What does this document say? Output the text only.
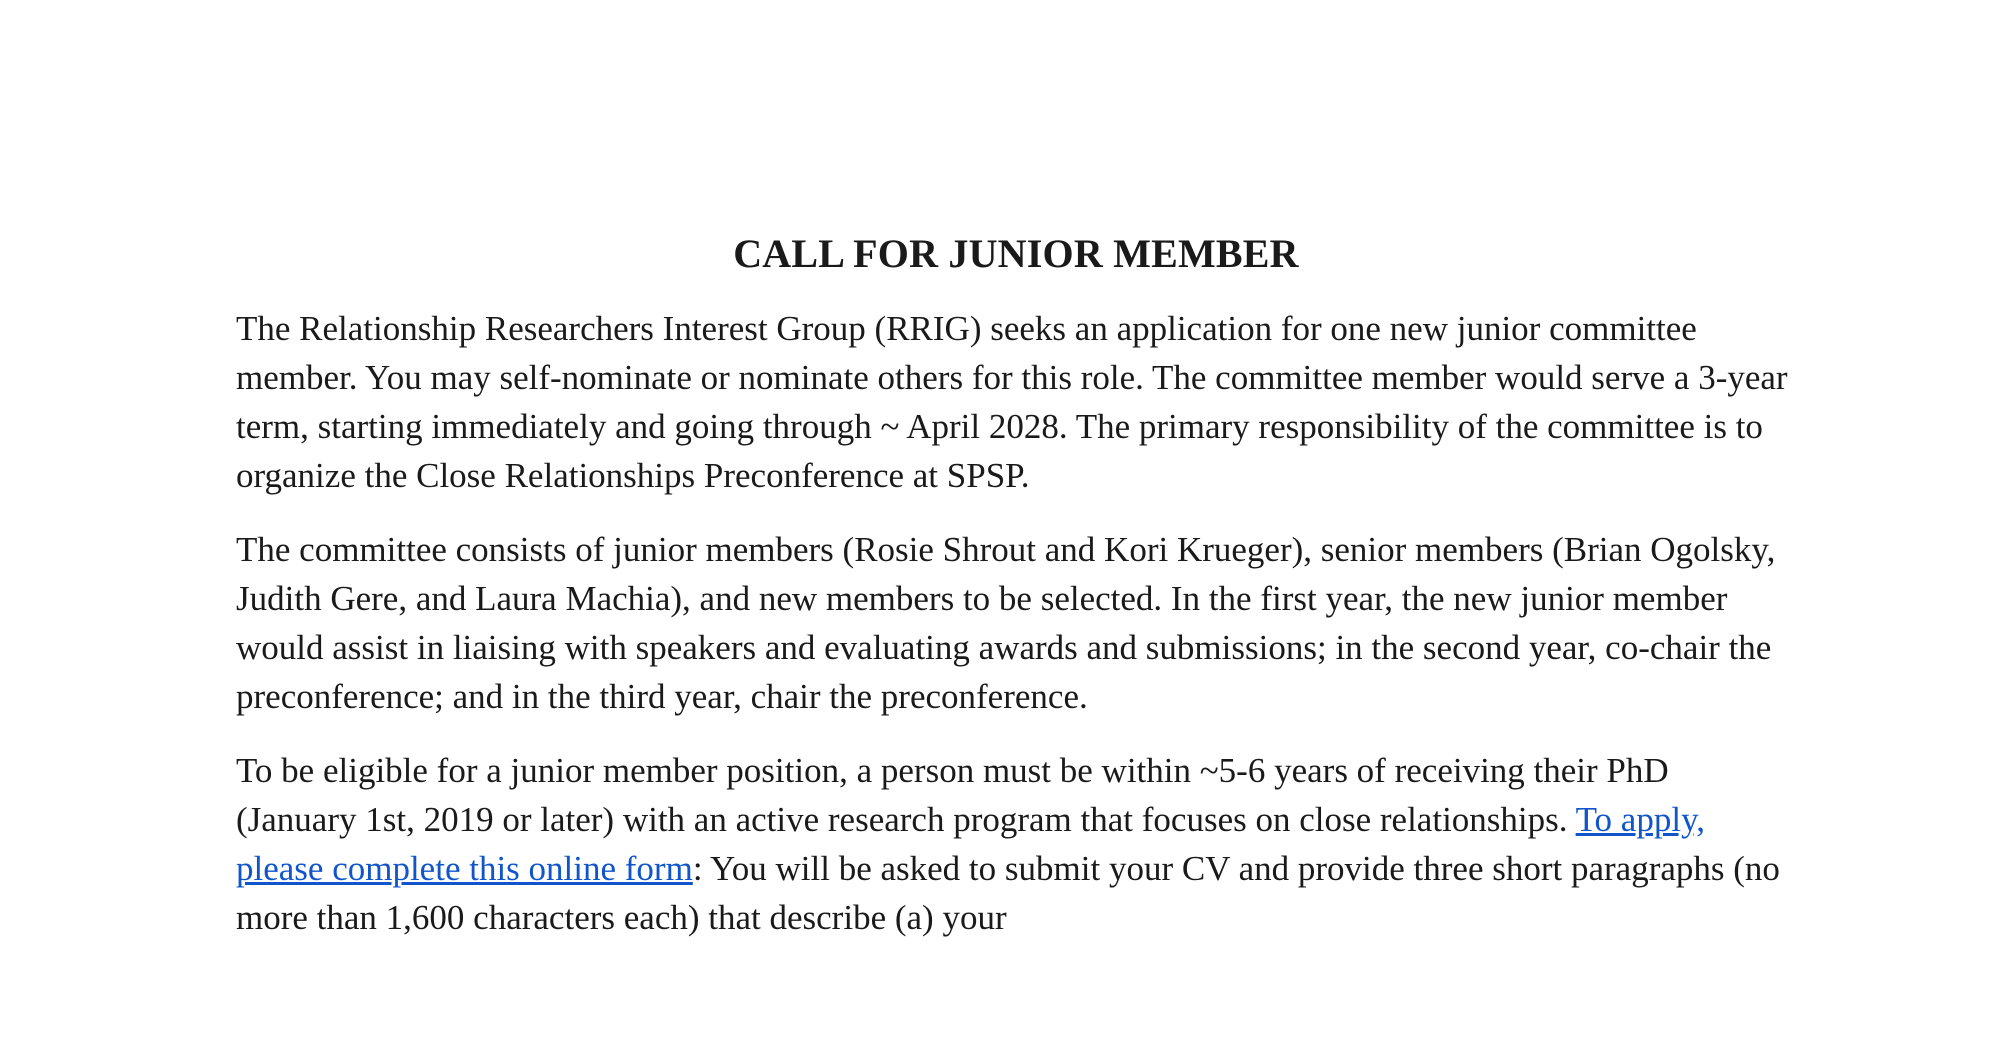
CALL FOR JUNIOR MEMBER

The Relationship Researchers Interest Group (RRIG) seeks an application for one new junior committee member. You may self-nominate or nominate others for this role. The committee member would serve a 3-year term, starting immediately and going through ~ April 2028. The primary responsibility of the committee is to organize the Close Relationships Preconference at SPSP.

The committee consists of junior members (Rosie Shrout and Kori Krueger), senior members (Brian Ogolsky, Judith Gere, and Laura Machia), and new members to be selected. In the first year, the new junior member would assist in liaising with speakers and evaluating awards and submissions; in the second year, co-chair the preconference; and in the third year, chair the preconference.

To be eligible for a junior member position, a person must be within ~5-6 years of receiving their PhD (January 1st, 2019 or later) with an active research program that focuses on close relationships. To apply, please complete this online form: You will be asked to submit your CV and provide three short paragraphs (no more than 1,600 characters each) that describe (a) your
